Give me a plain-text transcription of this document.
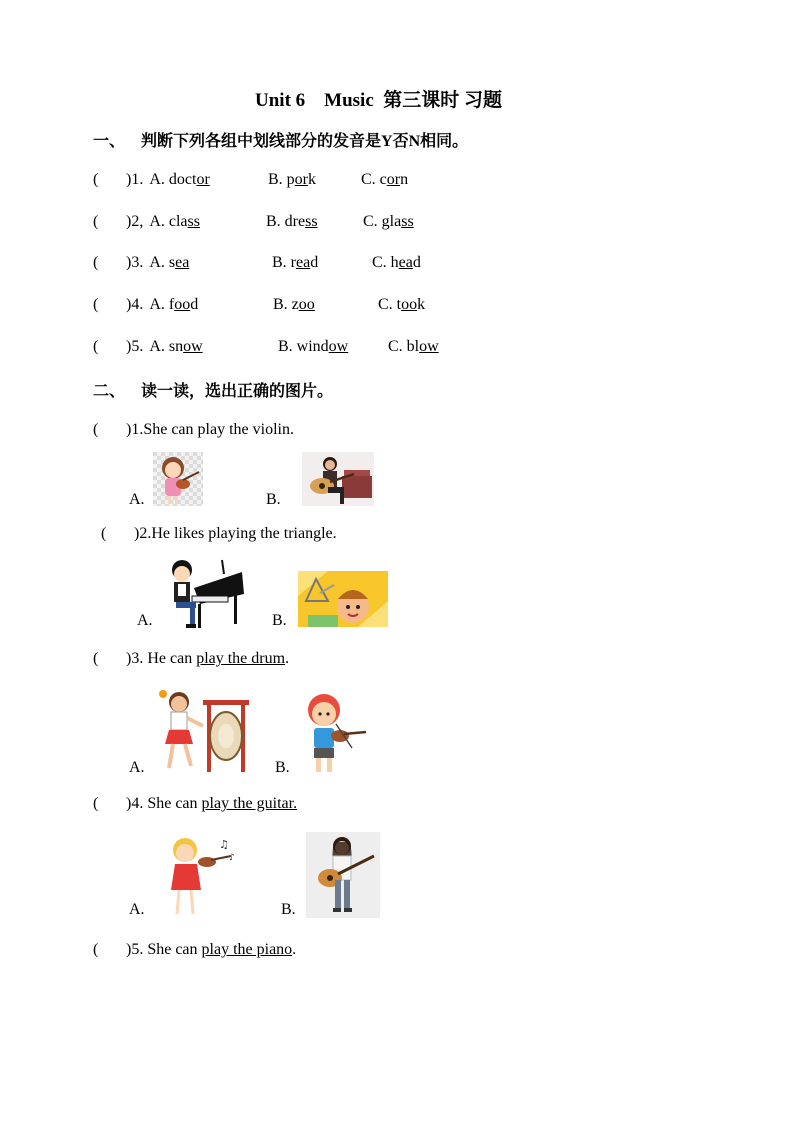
Unit 6 Music 第三课时 习题
一、 判断下列各组中划线部分的发音是Y否N相同。
( )1. A. doctor	B. pork	C. corn
( )2, A. class	B. dress	C. glass
( )3. A. sea	B. read	C. head
( )4. A. food	B. zoo	C. took
( )5. A. snow	B. window C. blow
二、 读一读，选出正确的图片。
( )1.She can play the violin.
A.	B.
( )2.He likes playing the triangle.
A.	B.
( )3. He can play the drum.
A.	B.
( )4. She can play the guitar.
A.	B.
♫
♪
( )5. She can play the piano.
